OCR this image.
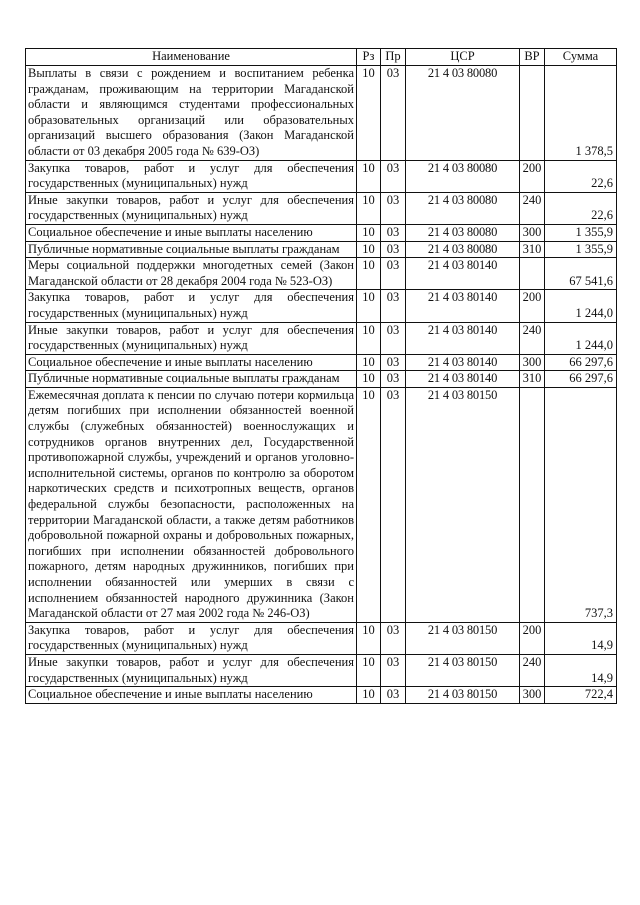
Наименование	Рз	Пр	ЦСР	ВР	Сумма
Выплаты в связи с рождением и воспитанием ребенка гражданам, проживающим на территории Магаданской области и являющимся студентами профессиональных образовательных организаций или образовательных организаций высшего образования (Закон Магаданской области от 03 декабря 2005 года № 639-ОЗ)	10	03	21 4 03 80080		1 378,5
Закупка товаров, работ и услуг для обеспечения государственных (муниципальных) нужд	10	03	21 4 03 80080	200	22,6
Иные закупки товаров, работ и услуг для обеспечения государственных (муниципальных) нужд	10	03	21 4 03 80080	240	22,6
Социальное обеспечение и иные выплаты населению	10	03	21 4 03 80080	300	1 355,9
Публичные нормативные социальные выплаты гражданам	10	03	21 4 03 80080	310	1 355,9
Меры социальной поддержки многодетных семей (Закон Магаданской области от 28 декабря 2004 года № 523-ОЗ)	10	03	21 4 03 80140		67 541,6
Закупка товаров, работ и услуг для обеспечения государственных (муниципальных) нужд	10	03	21 4 03 80140	200	1 244,0
Иные закупки товаров, работ и услуг для обеспечения государственных (муниципальных) нужд	10	03	21 4 03 80140	240	1 244,0
Социальное обеспечение и иные выплаты населению	10	03	21 4 03 80140	300	66 297,6
Публичные нормативные социальные выплаты гражданам	10	03	21 4 03 80140	310	66 297,6
Ежемесячная доплата к пенсии по случаю потери кормильца детям погибших при исполнении обязанностей военной службы (служебных обязанностей) военнослужащих и сотрудников органов внутренних дел, Государственной противопожарной службы, учреждений и органов уголовно-исполнительной системы, органов по контролю за оборотом наркотических средств и психотропных веществ, органов федеральной службы безопасности, расположенных на территории Магаданской области, а также детям работников добровольной пожарной охраны и добровольных пожарных, погибших при исполнении обязанностей добровольного пожарного, детям народных дружинников, погибших при исполнении обязанностей или умерших в связи с исполнением обязанностей народного дружинника (Закон Магаданской области от 27 мая 2002 года № 246-ОЗ)	10	03	21 4 03 80150		737,3
Закупка товаров, работ и услуг для обеспечения государственных (муниципальных) нужд	10	03	21 4 03 80150	200	14,9
Иные закупки товаров, работ и услуг для обеспечения государственных (муниципальных) нужд	10	03	21 4 03 80150	240	14,9
Социальное обеспечение и иные выплаты населению	10	03	21 4 03 80150	300	722,4
